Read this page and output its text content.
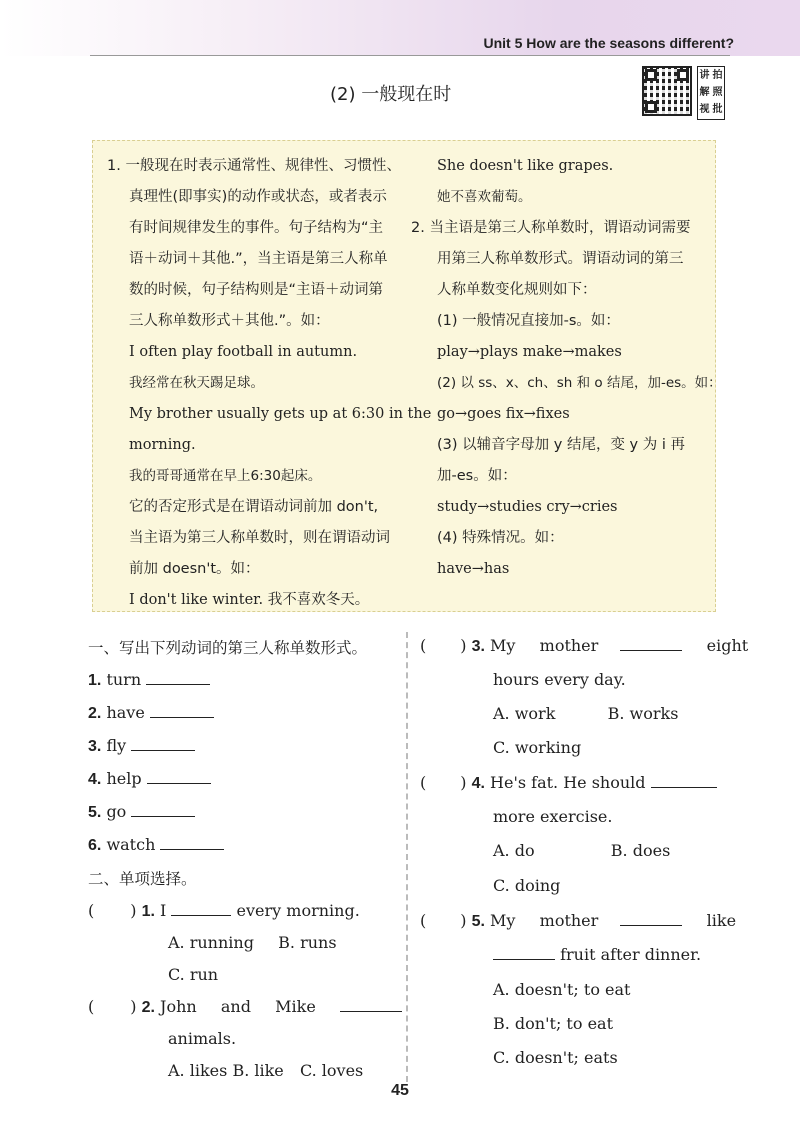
Unit 5 How are the seasons different?
(2) 一般现在时
讲 拍
解 照
视 批
1. 一般现在时表示通常性、规律性、习惯性、
真理性(即事实)的动作或状态，或者表示
有时间规律发生的事件。句子结构为“主
语＋动词＋其他.”，当主语是第三人称单
数的时候，句子结构则是“主语＋动词第
三人称单数形式＋其他.”。如：
I often play football in autumn.
我经常在秋天踢足球。
My brother usually gets up at 6:30 in the
morning.
我的哥哥通常在早上6:30起床。
它的否定形式是在谓语动词前加 don't,
当主语为第三人称单数时，则在谓语动词
前加 doesn't。如：
I don't like winter. 我不喜欢冬天。
She doesn't like grapes.
她不喜欢葡萄。
2. 当主语是第三人称单数时，谓语动词需要
用第三人称单数形式。谓语动词的第三
人称单数变化规则如下：
(1) 一般情况直接加-s。如：
play→plays make→makes
(2) 以 ss、x、ch、sh 和 o 结尾，加-es。如：
go→goes fix→fixes
(3) 以辅音字母加 y 结尾，变 y 为 i 再
加-es。如：
study→studies cry→cries
(4) 特殊情况。如：
have→has
一、写出下列动词的第三人称单数形式。
1. turn
2. have
3. fly
4. help
5. go
6. watch
二、单项选择。
( ) 1. I	every morning.
A. running B. runs
C. run
( ) 2. John and Mike
animals.
A. likes B. like C. loves
( ) 3. My mother	eight
hours every day.
A. work	B. works
C. working
( ) 4. He's fat. He should
more exercise.
A. do	B. does
C. doing
( ) 5. My mother	like
fruit after dinner.
A. doesn't; to eat
B. don't; to eat
C. doesn't; eats
45
